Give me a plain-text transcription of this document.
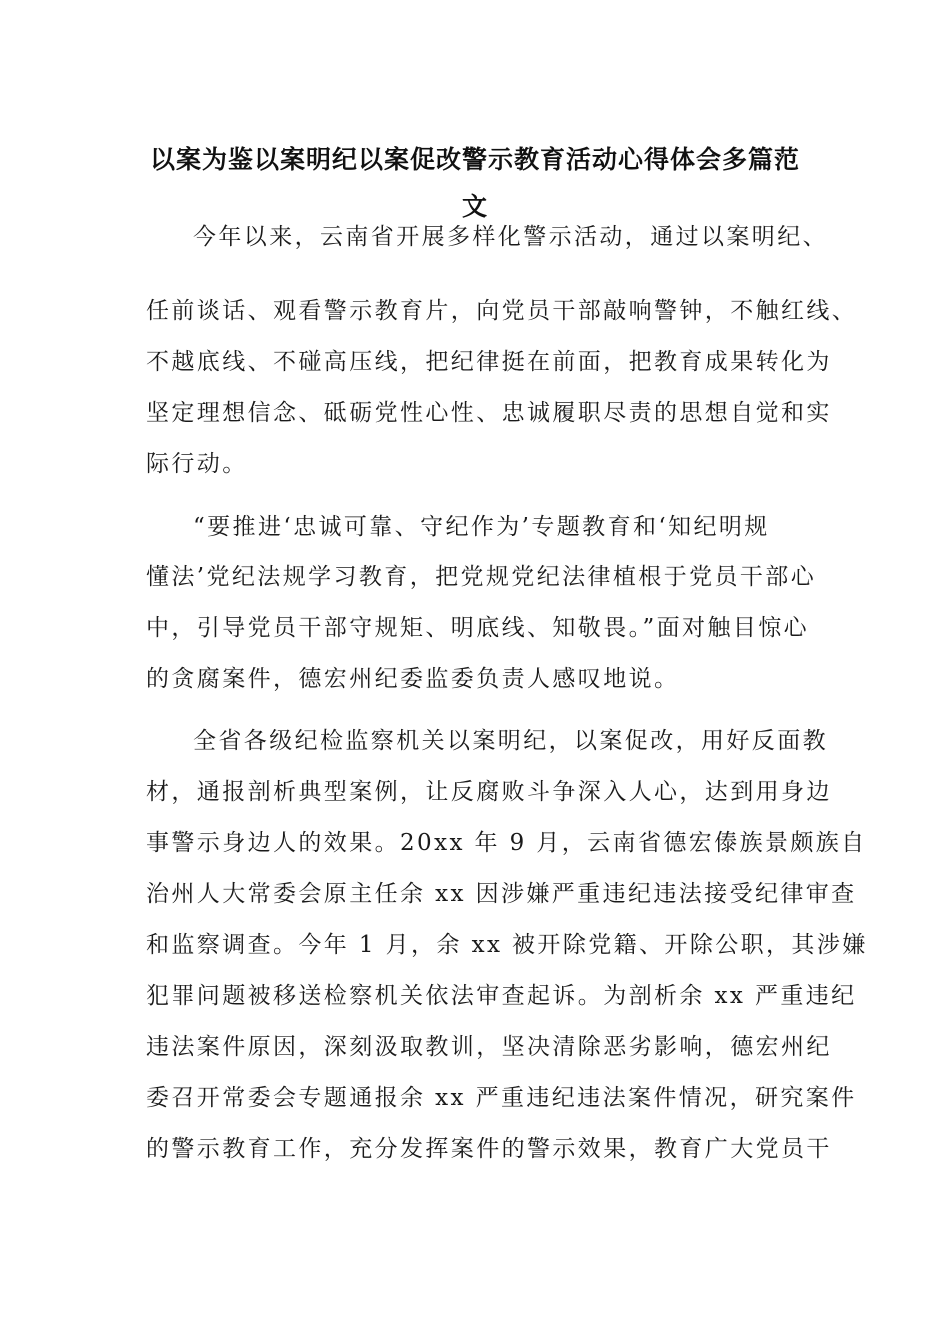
以案为鉴以案明纪以案促改警示教育活动心得体会多篇范
文
今年以来，云南省开展多样化警示活动，通过以案明纪、
任前谈话、观看警示教育片，向党员干部敲响警钟，不触红线、
不越底线、不碰高压线，把纪律挺在前面，把教育成果转化为
坚定理想信念、砥砺党性心性、忠诚履职尽责的思想自觉和实
际行动。
“要推进‘忠诚可靠、守纪作为’专题教育和‘知纪明规
懂法’党纪法规学习教育，把党规党纪法律植根于党员干部心
中，引导党员干部守规矩、明底线、知敬畏。”面对触目惊心
的贪腐案件，德宏州纪委监委负责人感叹地说。
全省各级纪检监察机关以案明纪，以案促改，用好反面教
材，通报剖析典型案例，让反腐败斗争深入人心，达到用身边
事警示身边人的效果。20xx 年 9 月，云南省德宏傣族景颇族自
治州人大常委会原主任余 xx 因涉嫌严重违纪违法接受纪律审查
和监察调查。今年 1 月，余 xx 被开除党籍、开除公职，其涉嫌
犯罪问题被移送检察机关依法审查起诉。为剖析余 xx 严重违纪
违法案件原因，深刻汲取教训，坚决清除恶劣影响，德宏州纪
委召开常委会专题通报余 xx 严重违纪违法案件情况，研究案件
的警示教育工作，充分发挥案件的警示效果，教育广大党员干
